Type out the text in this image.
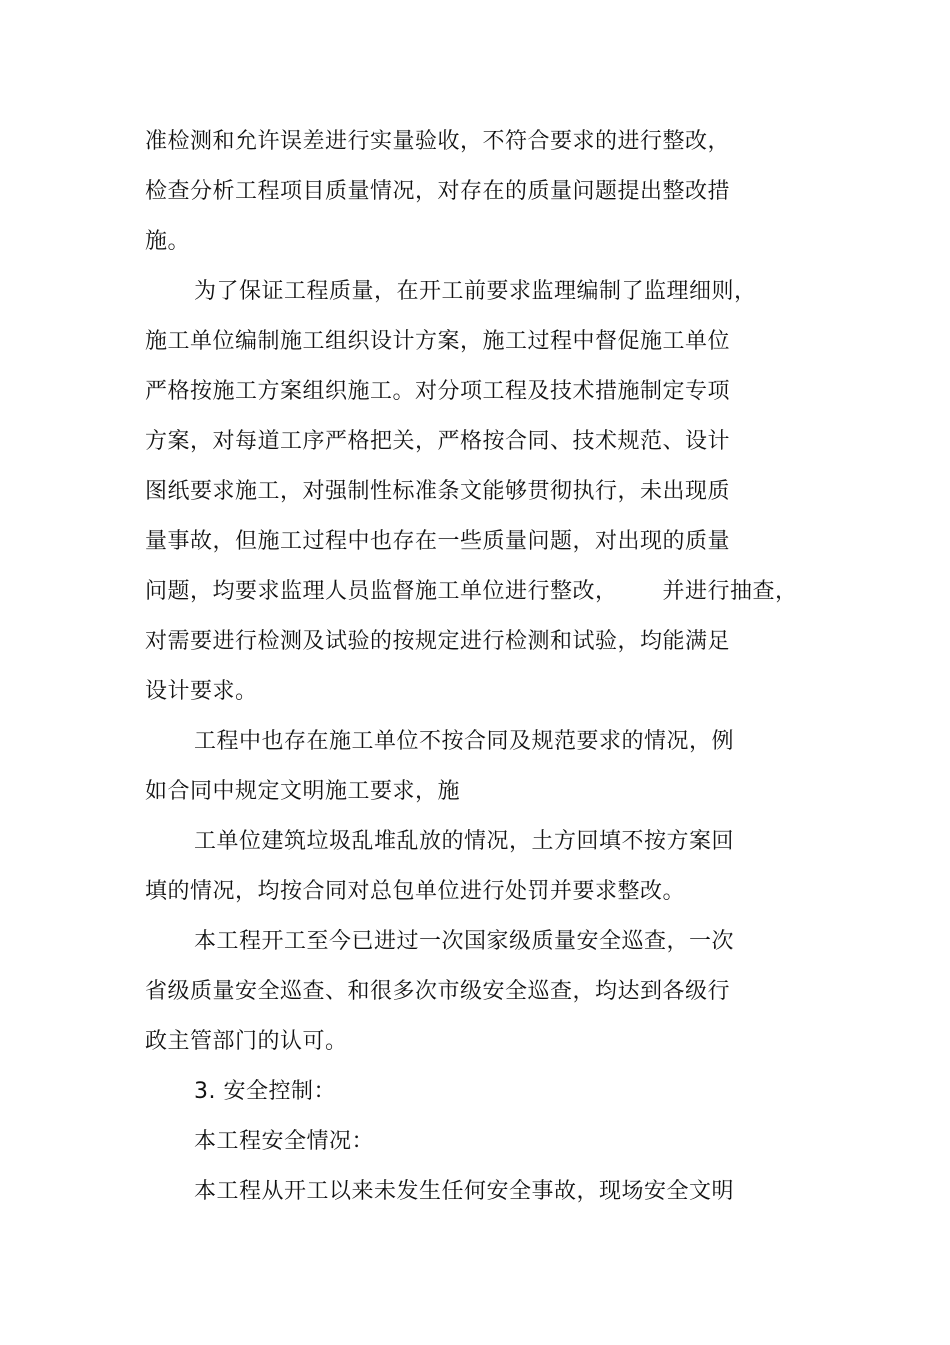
准检测和允许误差进行实量验收，不符合要求的进行整改，
检查分析工程项目质量情况，对存在的质量问题提出整改措
施。
为了保证工程质量，在开工前要求监理编制了监理细则，
施工单位编制施工组织设计方案，施工过程中督促施工单位
严格按施工方案组织施工。对分项工程及技术措施制定专项
方案，对每道工序严格把关，严格按合同、技术规范、设计
图纸要求施工，对强制性标准条文能够贯彻执行，未出现质
量事故，但施工过程中也存在一些质量问题，对出现的质量
问题，均要求监理人员监督施工单位进行整改，      并进行抽查，
对需要进行检测及试验的按规定进行检测和试验，均能满足
设计要求。
工程中也存在施工单位不按合同及规范要求的情况，例
如合同中规定文明施工要求，施
工单位建筑垃圾乱堆乱放的情况，土方回填不按方案回
填的情况，均按合同对总包单位进行处罚并要求整改。
本工程开工至今已进过一次国家级质量安全巡查，一次
省级质量安全巡查、和很多次市级安全巡查，均达到各级行
政主管部门的认可。
3. 安全控制：
本工程安全情况：
本工程从开工以来未发生任何安全事故，现场安全文明
